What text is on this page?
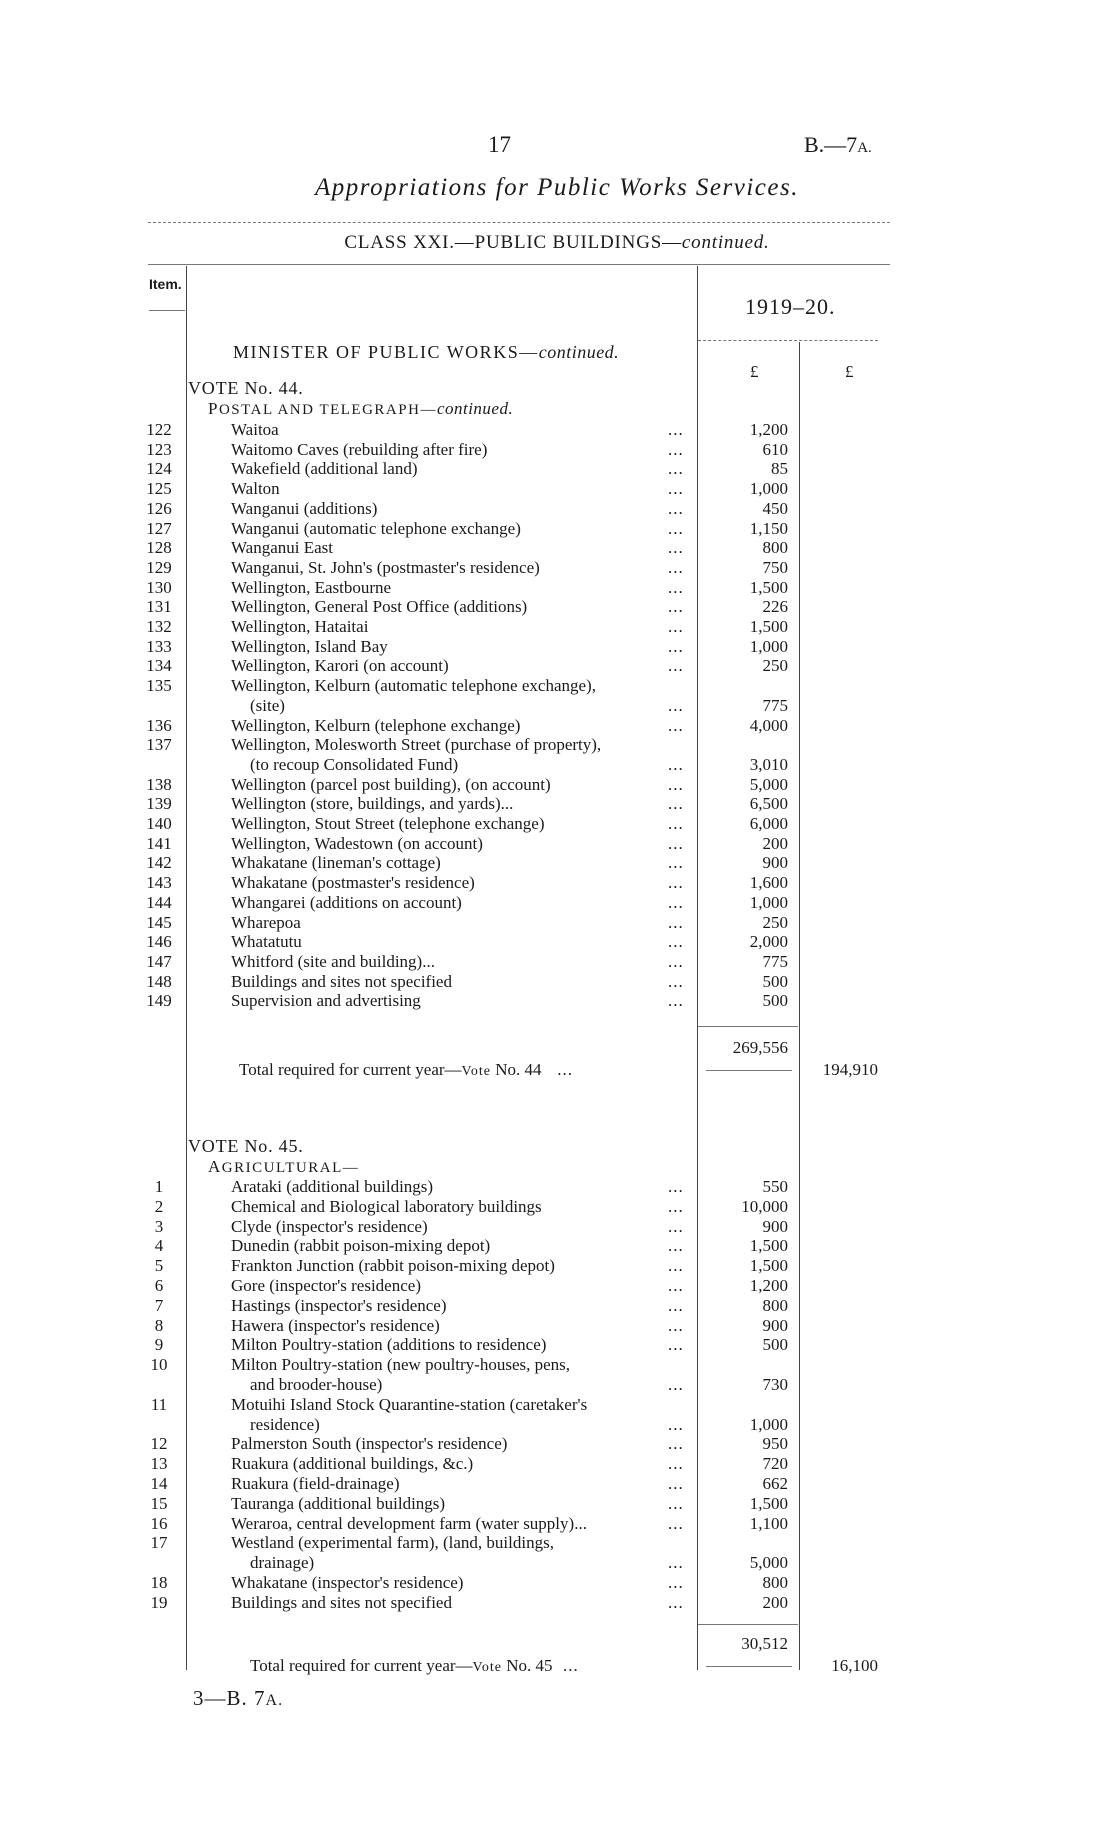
17	B.—7A.
Appropriations for Public Works Services.
CLASS XXI.—PUBLIC BUILDINGS—continued.
Item.
1919–20.
MINISTER OF PUBLIC WORKS—continued.
£	£
VOTE No. 44.
POSTAL AND TELEGRAPH—continued.
122	Waitoa	...	1,200
123	Waitomo Caves (rebuilding after fire)	...	610
124	Wakefield (additional land)	...	85
125	Walton	...	1,000
126	Wanganui (additions)	...	450
127	Wanganui (automatic telephone exchange)	...	1,150
128	Wanganui East	...	800
129	Wanganui, St. John's (postmaster's residence)	...	750
130	Wellington, Eastbourne	...	1,500
131	Wellington, General Post Office (additions)	...	226
132	Wellington, Hataitai	...	1,500
133	Wellington, Island Bay	...	1,000
134	Wellington, Karori (on account)	...	250
135	Wellington, Kelburn (automatic telephone exchange),
(site)	...	775
136	Wellington, Kelburn (telephone exchange)	...	4,000
137	Wellington, Molesworth Street (purchase of property),
(to recoup Consolidated Fund)	...	3,010
138	Wellington (parcel post building), (on account)	...	5,000
139	Wellington (store, buildings, and yards)...	...	6,500
140	Wellington, Stout Street (telephone exchange)	...	6,000
141	Wellington, Wadestown (on account)	...	200
142	Whakatane (lineman's cottage)	...	900
143	Whakatane (postmaster's residence)	...	1,600
144	Whangarei (additions on account)	...	1,000
145	Wharepoa	...	250
146	Whatatutu	...	2,000
147	Whitford (site and building)...	...	775
148	Buildings and sites not specified	...	500
149	Supervision and advertising	...	500
269,556
Total required for current year—Vote No. 44   ...	194,910
VOTE No. 45.
AGRICULTURAL—
1	Arataki (additional buildings)	...	550
2	Chemical and Biological laboratory buildings	...	10,000
3	Clyde (inspector's residence)	...	900
4	Dunedin (rabbit poison-mixing depot)	...	1,500
5	Frankton Junction (rabbit poison-mixing depot)	...	1,500
6	Gore (inspector's residence)	...	1,200
7	Hastings (inspector's residence)	...	800
8	Hawera (inspector's residence)	...	900
9	Milton Poultry-station (additions to residence)	...	500
10	Milton Poultry-station (new poultry-houses, pens,
and brooder-house)	...	730
11	Motuihi Island Stock Quarantine-station (caretaker's
residence)	...	1,000
12	Palmerston South (inspector's residence)	...	950
13	Ruakura (additional buildings, &c.)	...	720
14	Ruakura (field-drainage)	...	662
15	Tauranga (additional buildings)	...	1,500
16	Weraroa, central development farm (water supply)...	...	1,100
17	Westland (experimental farm), (land, buildings,
drainage)	...	5,000
18	Whakatane (inspector's residence)	...	800
19	Buildings and sites not specified	...	200
30,512
Total required for current year—Vote No. 45  ...	16,100
3—B. 7A.
